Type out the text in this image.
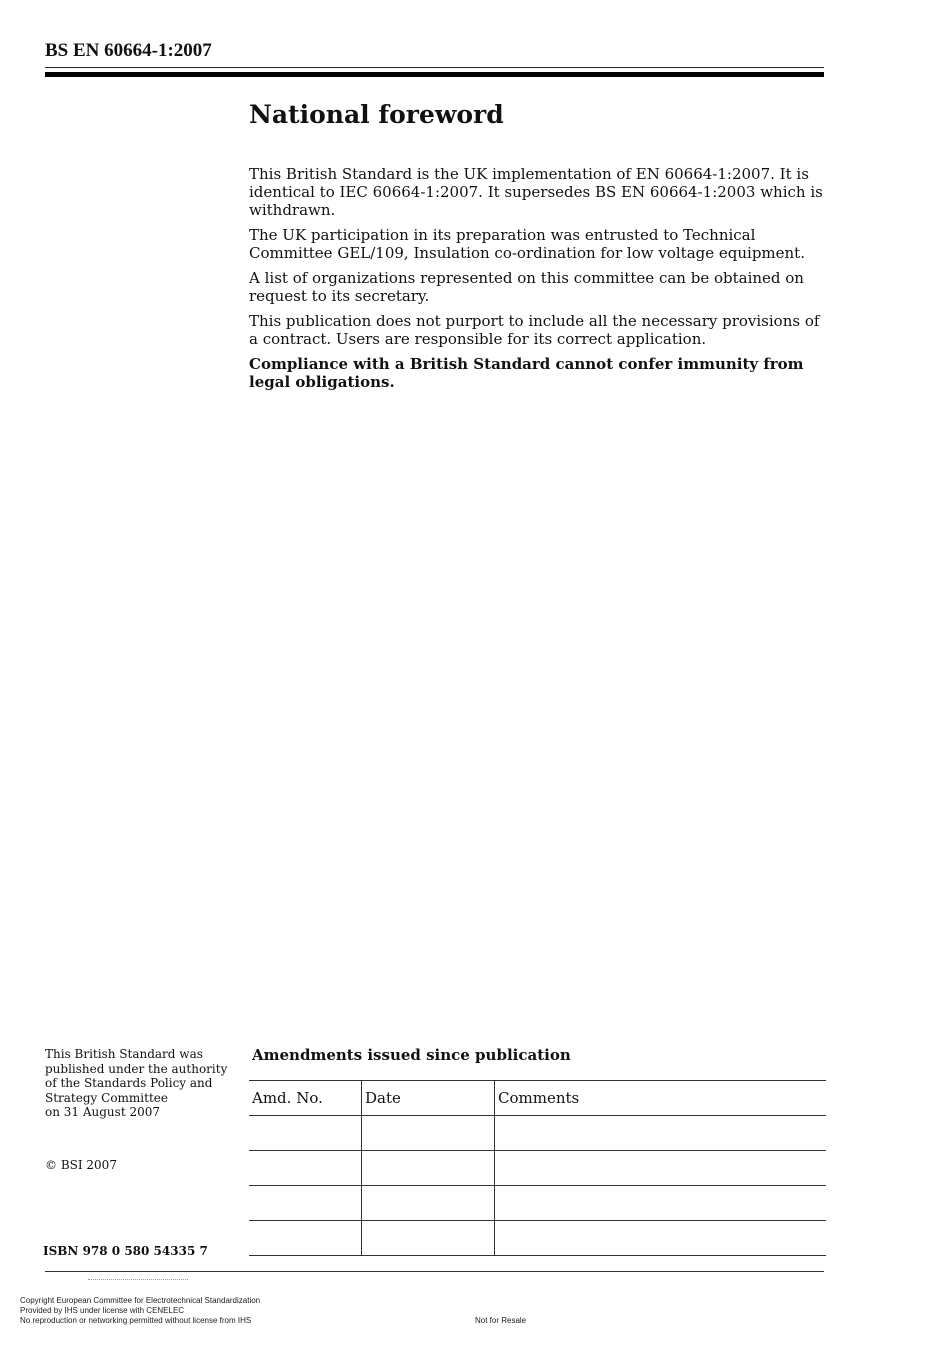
BS EN 60664-1:2007
National foreword

This British Standard is the UK implementation of EN 60664-1:2007. It is identical to IEC 60664-1:2007. It supersedes BS EN 60664-1:2003 which is withdrawn.

The UK participation in its preparation was entrusted to Technical Committee GEL/109, Insulation co-ordination for low voltage equipment.

A list of organizations represented on this committee can be obtained on request to its secretary.

This publication does not purport to include all the necessary provisions of a contract. Users are responsible for its correct application.

Compliance with a British Standard cannot confer immunity from legal obligations.

This British Standard was
published under the authority
of the Standards Policy and
Strategy Committee
on 31 August 2007
© BSI 2007
ISBN 978 0 580 54335 7
Amendments issued since publication
Amd. No.	Date	Comments

Copyright European Committee for Electrotechnical Standardization
Provided by IHS under license with CENELEC
No reproduction or networking permitted without license from IHS	Not for Resale
